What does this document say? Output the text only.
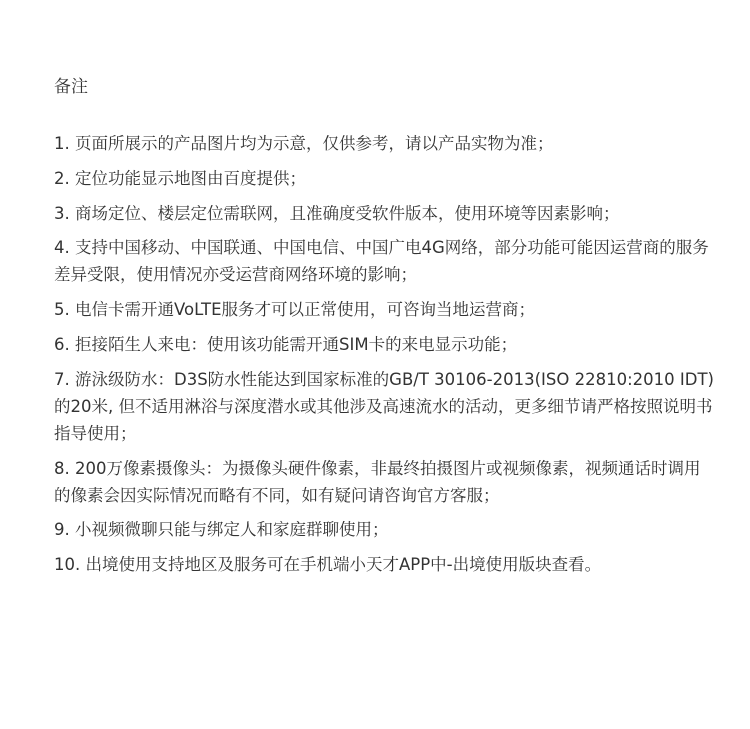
备注
1. 页面所展示的产品图片均为示意，仅供参考，请以产品实物为准；
2. 定位功能显示地图由百度提供；
3. 商场定位、楼层定位需联网，且准确度受软件版本，使用环境等因素影响；
4. 支持中国移动、中国联通、中国电信、中国广电4G网络，部分功能可能因运营商的服务差异受限，使用情况亦受运营商网络环境的影响；
5. 电信卡需开通VoLTE服务才可以正常使用，可咨询当地运营商；
6. 拒接陌生人来电：使用该功能需开通SIM卡的来电显示功能；
7. 游泳级防水：D3S防水性能达到国家标准的GB/T 30106-2013(ISO 22810:2010 IDT)的20米, 但不适用淋浴与深度潜水或其他涉及高速流水的活动，更多细节请严格按照说明书指导使用；
8. 200万像素摄像头：为摄像头硬件像素，非最终拍摄图片或视频像素，视频通话时调用的像素会因实际情况而略有不同，如有疑问请咨询官方客服；
9. 小视频微聊只能与绑定人和家庭群聊使用；
10. 出境使用支持地区及服务可在手机端小天才APP中-出境使用版块查看。
